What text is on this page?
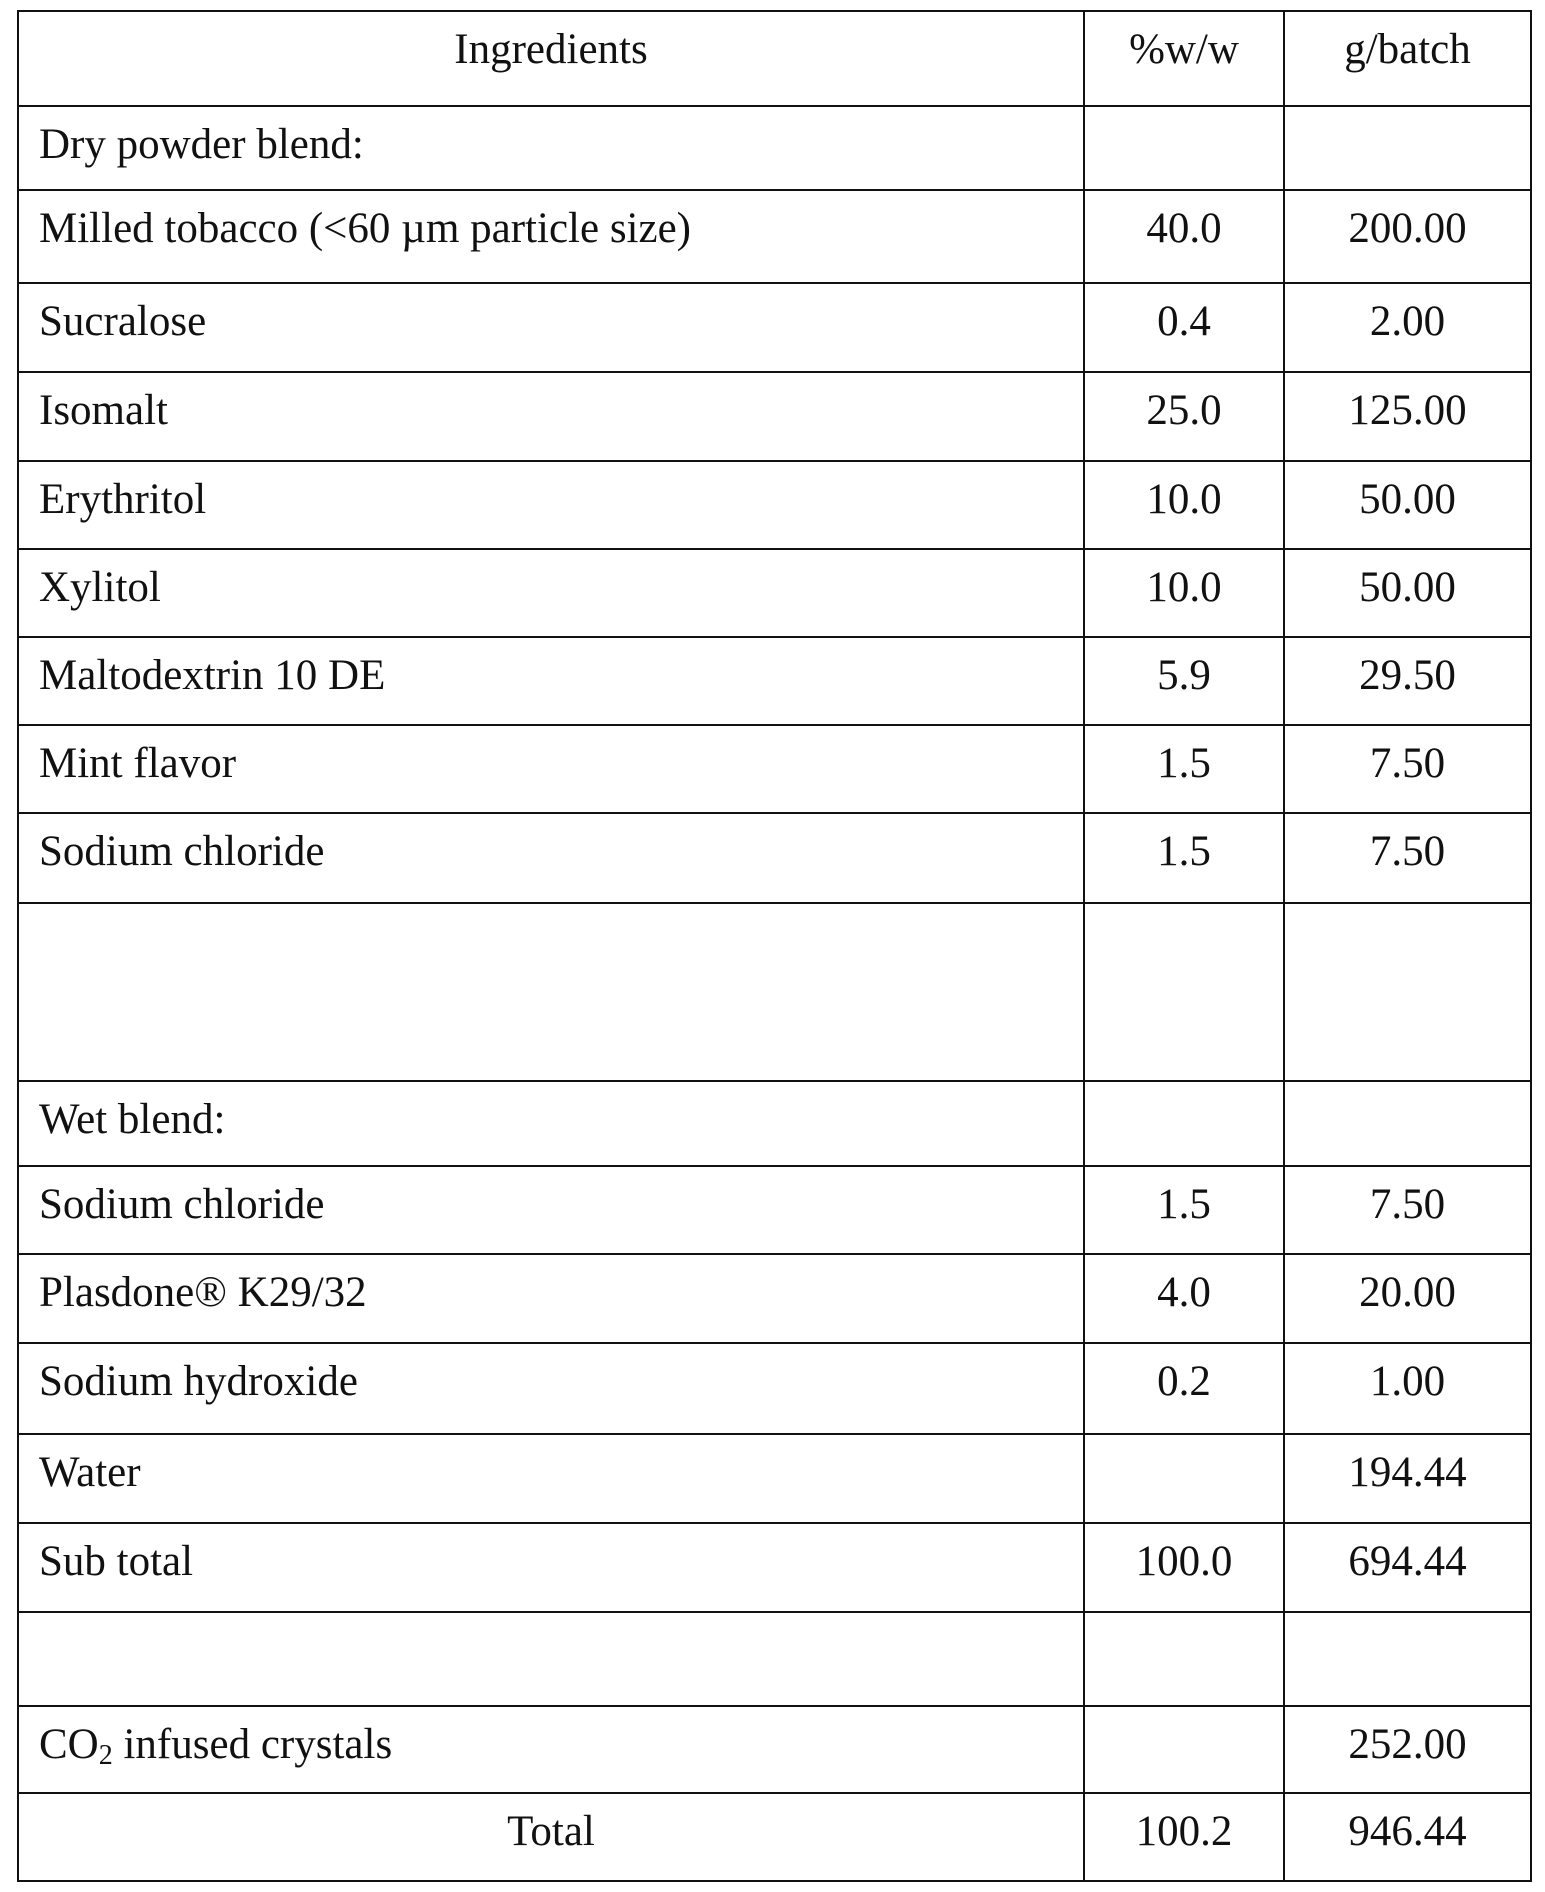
Ingredients	%w/w	g/batch
Dry powder blend:		
Milled tobacco (<60 µm particle size)	40.0	200.00
Sucralose	0.4	2.00
Isomalt	25.0	125.00
Erythritol	10.0	50.00
Xylitol	10.0	50.00
Maltodextrin 10 DE	5.9	29.50
Mint flavor	1.5	7.50
Sodium chloride	1.5	7.50

Wet blend:		
Sodium chloride	1.5	7.50
Plasdone® K29/32	4.0	20.00
Sodium hydroxide	0.2	1.00
Water		194.44
Sub total	100.0	694.44

CO2 infused crystals		252.00
Total	100.2	946.44
